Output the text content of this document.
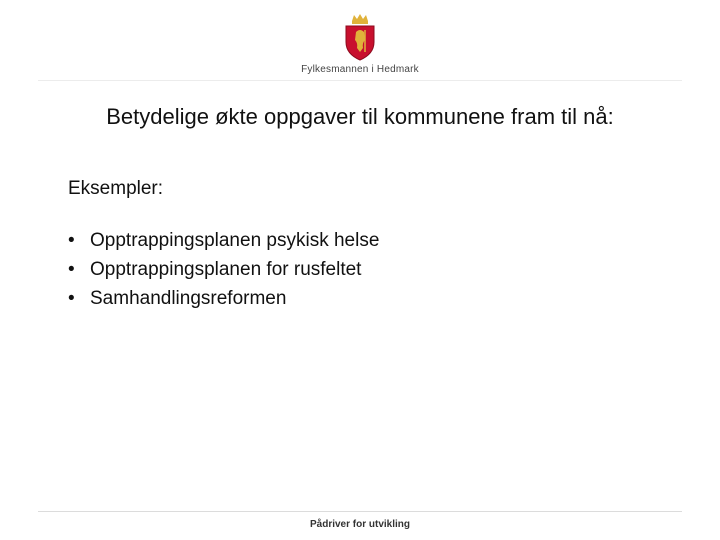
Fylkesmannen i Hedmark
Betydelige økte oppgaver til kommunene fram til nå:
Eksempler:
• Opptrappingsplanen psykisk helse
• Opptrappingsplanen for rusfeltet
• Samhandlingsreformen
Pådriver for utvikling
